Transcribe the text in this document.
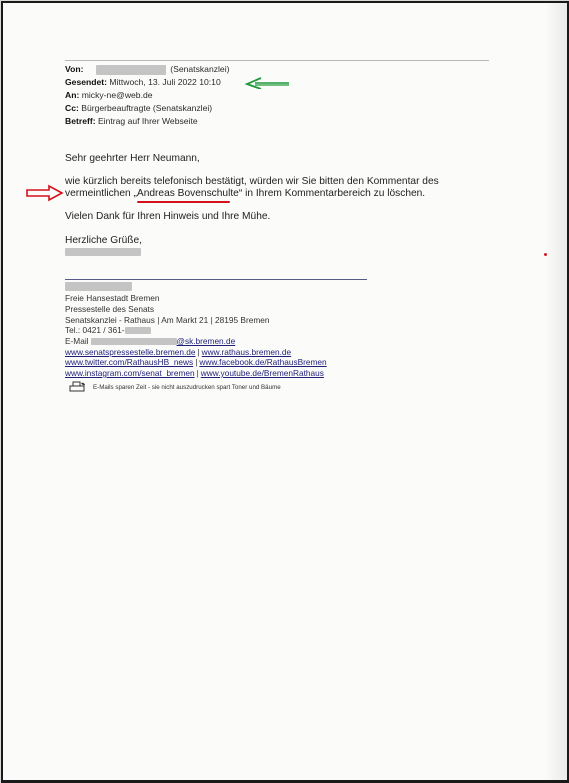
Von:	(Senatskanzlei)
Gesendet: Mittwoch, 13. Juli 2022 10:10
An: micky-ne@web.de
Cc: Bürgerbeauftragte (Senatskanzlei)
Betreff: Eintrag auf Ihrer Webseite
Sehr geehrter Herr Neumann,
wie kürzlich bereits telefonisch bestätigt, würden wir Sie bitten den Kommentar des
vermeintlichen „Andreas Bovenschulte“ in Ihrem Kommentarbereich zu löschen.
Vielen Dank für Ihren Hinweis und Ihre Mühe.
Herzliche Grüße,
Freie Hansestadt Bremen
Pressestelle des Senats
Senatskanzlei - Rathaus | Am Markt 21 | 28195 Bremen
Tel.: 0421 / 361-
E-Mail	@sk.bremen.de
www.senatspressestelle.bremen.de | www.rathaus.bremen.de
www.twitter.com/RathausHB_news | www.facebook.de/RathausBremen
www.instagram.com/senat_bremen | www.youtube.de/BremenRathaus
E-Mails sparen Zeit - sie nicht auszudrucken spart Toner und Bäume
